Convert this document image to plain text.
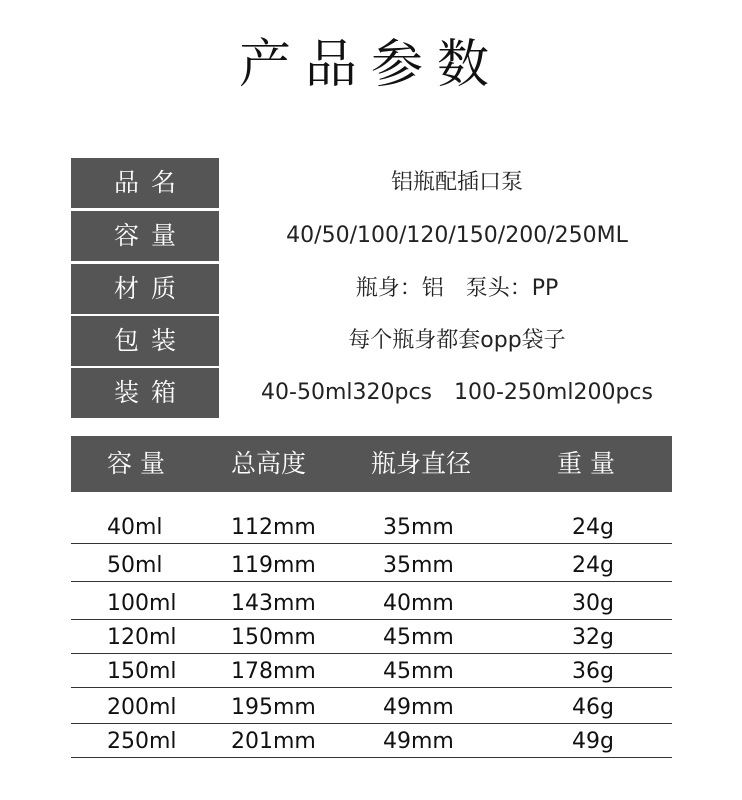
产品参数
品名	铝瓶配插口泵
容量	40/50/100/120/150/200/250ML
材质	瓶身：铝 泵头：PP
包装	每个瓶身都套opp袋子
装箱	40-50ml320pcs 100-250ml200pcs
容 量	总高度	瓶身直径	重 量
40ml	112mm	35mm	24g
50ml	119mm	35mm	24g
100ml 143mm	40mm	30g
120ml 150mm	45mm	32g
150ml 178mm	45mm	36g
200ml 195mm	49mm	46g
250ml 201mm	49mm	49g
